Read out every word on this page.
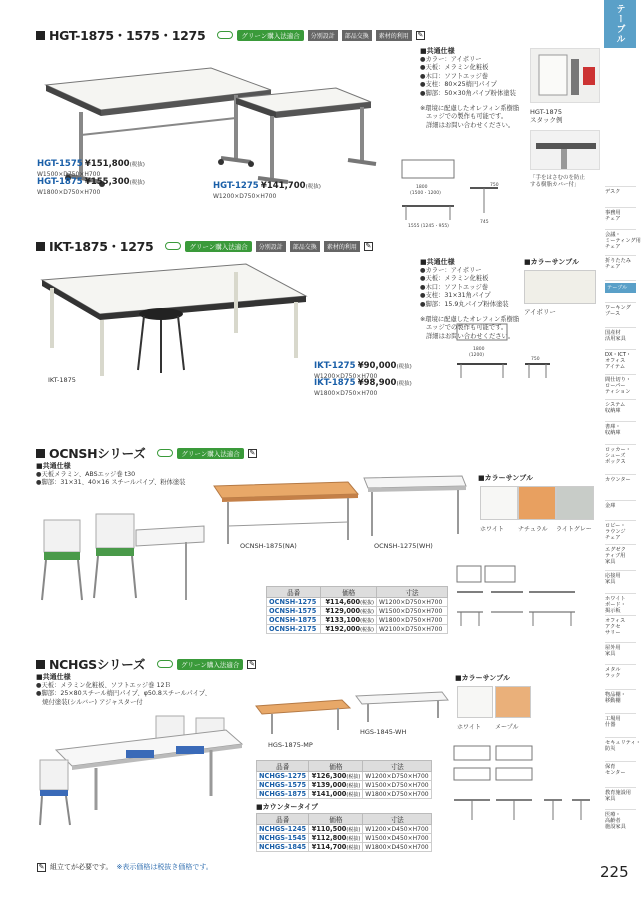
テーブル
デスク
事務用
チェア
会議・
ミーティング用
チェア
折りたたみ
チェア
テーブル
ワーキング
ブース
国産材
活用家具
DX・ICT・
オフィス
アイテム
間仕切り・
ローパー
ティション
システム
収納庫
書庫・
収納庫
ロッカー・
シューズ
ボックス
カウンター
金庫
ロビー・
ラウンジ
チェア
エグゼク
ティブ用
家具
応接用
家具
ホワイト
ボード・
掲示板
オフィス
アクセ
サリー
屋外用
家具
メタル
ラック
物品棚・
移動棚
工場用
什器
セキュリティ・
防災
保育
センター
教育施設用
家具
医療・
高齢者
施設家具
HGT-1875・1575・1275	グリーン購入法適合	分別設計	部品交換	素材的利用	✎
HGT-1575 ¥151,800(税抜)
W1500×D750×H700
HGT-1875 ¥155,300(税抜)
W1800×D750×H700
HGT-1275 ¥141,700(税抜)
W1200×D750×H700
■共通仕様
●カラー：アイボリー
●天板：メラミン化粧板
●木口：ソフトエッジ巻
●支柱：80×25楕円パイプ
●脚部：50×30角パイプ粉体塗装
※環境に配慮したオレフィン系樹脂
エッジでの製作も可能です。
詳細はお問い合わせください。
HGT-1875
スタック例
「手をはさむのを防止
する樹脂カバー付」
1800
(1500・1200)
1555 (1245・955)
745
750
IKT-1875・1275	グリーン購入法適合	分別設計	部品交換	素材的利用	✎
IKT-1875
IKT-1275 ¥90,000(税抜)
W1200×D750×H700
IKT-1875 ¥98,900(税抜)
W1800×D750×H700
■共通仕様
●カラー：アイボリー
●天板：メラミン化粧板
●木口：ソフトエッジ巻
●支柱：31×31角パイプ
●脚部：15.9丸パイプ粉体塗装
※環境に配慮したオレフィン系樹脂
エッジでの製作も可能です。
詳細はお問い合わせください。
■カラーサンプル
アイボリー
1800
(1200)
750
OCNSHシリーズ	グリーン購入法適合	✎
■共通仕様
●天板メラミン、ABSエッジ巻 t30
●脚部：31×31、40×16 スチールパイプ、粉体塗装
OCNSH-1875(NA)	OCNSH-1275(WH)
■カラーサンプル
ホワイト ナチュラル ライトグレー
品番	価格	寸法
OCNSH-1275	¥114,600(税抜)	W1200×D750×H700
OCNSH-1575	¥129,000(税抜)	W1500×D750×H700
OCNSH-1875	¥133,100(税抜)	W1800×D750×H700
OCNSH-2175	¥192,000(税抜)	W2100×D750×H700
NCHGSシリーズ	グリーン購入法適合	✎
■共通仕様
●天板：メラミン化粧板、ソフトエッジ巻 12Ｂ
●脚部：25×80スチール楕円パイプ、φ50.8スチールパイプ、
　焼付塗装(シルバー) アジャスター付
HGS-1875-MP
HGS-1845-WH
■カラーサンプル
ホワイト メープル
品番	価格	寸法
NCHGS-1275	¥126,300(税抜)	W1200×D750×H700
NCHGS-1575	¥139,000(税抜)	W1500×D750×H700
NCHGS-1875	¥141,000(税抜)	W1800×D750×H700
■カウンタータイプ
品番	価格	寸法
NCHGS-1245	¥110,500(税抜)	W1200×D450×H700
NCHGS-1545	¥112,800(税抜)	W1500×D450×H700
NCHGS-1845	¥114,700(税抜)	W1800×D450×H700
✎ 組立てが必要です。 ※表示価格は税抜き価格です。	225
